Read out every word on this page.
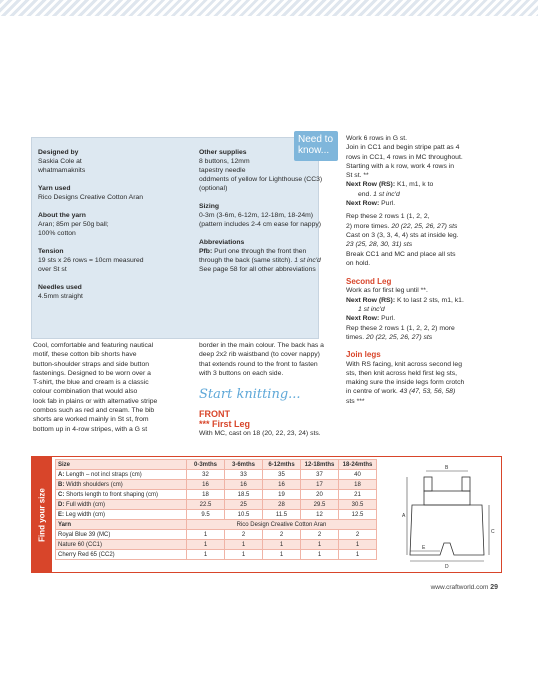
Need to
know...

Designed by

Saskia Cole at

whatmamaknits

Yarn used

Rico Designs Creative Cotton Aran

About the yarn

Aran; 85m per 50g ball;

100% cotton

Tension

19 sts x 26 rows = 10cm measured

over St st

Needles used

4.5mm straight

Other supplies

8 buttons, 12mm

tapestry needle

oddments of yellow for Lighthouse (CC3)

(optional)

Sizing

0-3m (3-6m, 6-12m, 12-18m, 18-24m)

(pattern includes 2-4 cm ease for nappy)

Abbreviations

Pfb: Purl one through the front then

through the back (same stitch). 1 st inc'd

See page 58 for all other abbreviations

Cool, comfortable and featuring nautical

motif, these cotton bib shorts have

button-shoulder straps and side button

fastenings. Designed to be worn over a

T-shirt, the blue and cream is a classic

colour combination that would also

look fab in plains or with alternative stripe

combos such as red and cream. The bib

shorts are worked mainly in St st, from

bottom up in 4-row stripes, with a G st

border in the main colour. The back has a

deep 2x2 rib waistband (to cover nappy)

that extends round to the front to fasten

with 3 buttons on each side.

Start knitting...

FRONT

*** First Leg

With MC, cast on 18 (20, 22, 23, 24) sts.

Work 6 rows in G st.

Join in CC1 and begin stripe patt as 4

rows in CC1, 4 rows in MC throughout.

Starting with a k row, work 4 rows in

St st. **

Next Row (RS): K1, m1, k to

end. 1 st inc'd

Next Row: Purl.

Rep these 2 rows 1 (1, 2, 2,

2) more times. 20 (22, 25, 26, 27) sts

Cast on 3 (3, 3, 4, 4) sts at inside leg.

23 (25, 28, 30, 31) sts

Break CC1 and MC and place all sts

on hold.

Second Leg

Work as for first leg until **.

Next Row (RS): K to last 2 sts, m1, k1.

1 st inc'd

Next Row: Purl.

Rep these 2 rows 1 (1, 2, 2, 2) more

times. 20 (22, 25, 26, 27) sts

Join legs

With RS facing, knit across second leg

sts, then knit across held first leg sts,

making sure the inside legs form crotch

in centre of work. 43 (47, 53, 56, 58)

sts ***

Find your size
Size	0-3mths	3-6mths	6-12mths	12-18mths	18-24mths
A: Length – not incl straps (cm)	32	33	35	37	40
B: Width shoulders (cm)	16	16	16	17	18
C: Shorts length to front shaping (cm)	18	18.5	19	20	21
D: Full width (cm)	22.5	25	28	29.5	30.5
E: Leg width (cm)	9.5	10.5	11.5	12	12.5
Yarn	Rico Design Creative Cotton Aran				
Royal Blue 39 (MC)	1	2	2	2	2
Nature 60 (CC1)	1	1	1	1	1
Cherry Red 65 (CC2)	1	1	1	1	1
B
A
C
D
E
www.craftworld.com 29
